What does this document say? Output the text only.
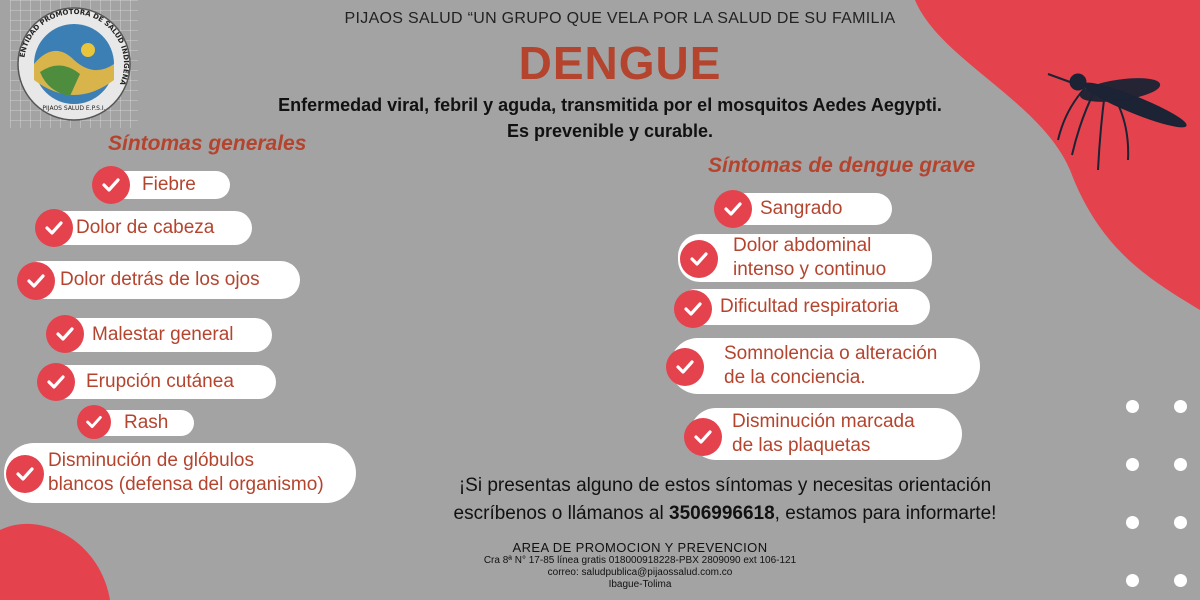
ENTIDAD PROMOTORA DE SALUD INDIGENA
PIJAOS SALUD E.P.S.I.
PIJAOS SALUD “UN GRUPO QUE VELA POR LA SALUD DE SU FAMILIA
DENGUE
Enfermedad viral, febril y aguda, transmitida por el mosquitos Aedes Aegypti.
Es prevenible y curable.
Síntomas generales
Fiebre
Dolor de cabeza
Dolor detrás de los ojos
Malestar general
Erupción cutánea
Rash
Disminución de glóbulos
blancos (defensa del organismo)
Síntomas de dengue grave
Sangrado
Dolor abdominal
intenso y continuo
Dificultad respiratoria
Somnolencia o alteración
de la conciencia.
Disminución marcada
de las plaquetas
¡Si presentas alguno de estos síntomas y necesitas orientación
escríbenos o llámanos al 3506996618, estamos para informarte!
AREA DE PROMOCION Y PREVENCION
Cra 8ª N° 17-85 línea gratis 018000918228-PBX 2809090 ext 106-121
correo: saludpublica@pijaossalud.com.co
Ibague-Tolima
